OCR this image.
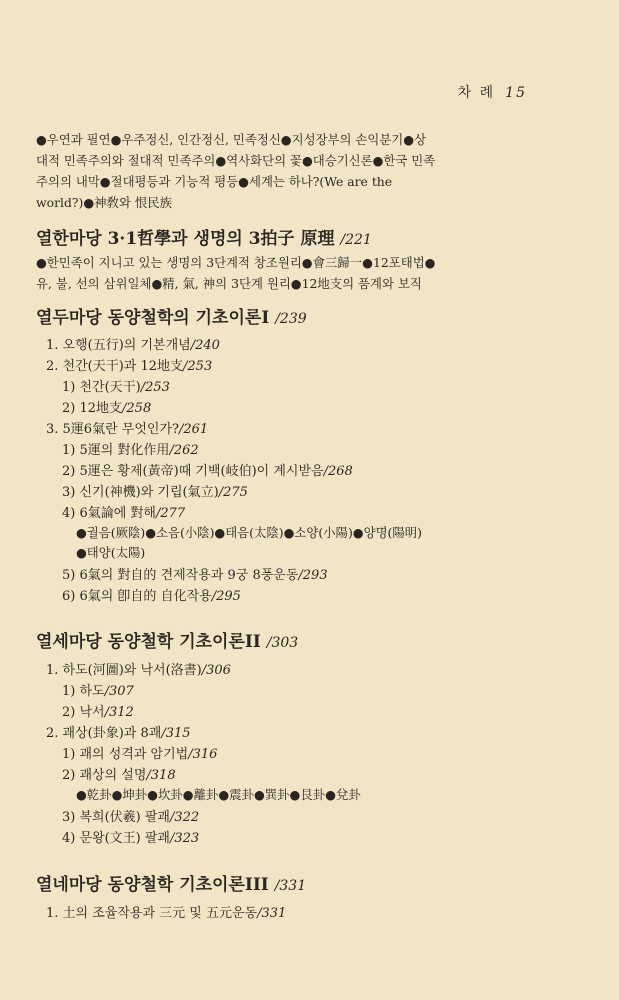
차 례 15
●우연과 필연●우주정신, 인간정신, 민족정신●지성장부의 손익분기●상
대적 민족주의와 절대적 민족주의●역사화단의 꽃●대승기신론●한국 민족
주의의 내막●절대평등과 기능적 평등●세계는 하나?(We are the
world?)●神敎와 恨民族
열한마당 3·1哲學과 생명의 3拍子 原理 /221
●한민족이 지니고 있는 생명의 3단계적 창조원리●會三歸一●12포태법●
유, 불, 선의 삼위일체●精, 氣, 神의 3단계 원리●12地支의 품계와 보직
열두마당 동양철학의 기초이론I /239
1. 오행(五行)의 기본개념/240
2. 천간(天干)과 12地支/253
1) 천간(天干)/253
2) 12地支/258
3. 5運6氣란 무엇인가?/261
1) 5運의 對化作用/262
2) 5運은 황제(黃帝)때 기백(岐伯)이 계시받음/268
3) 신기(神機)와 기립(氣立)/275
4) 6氣論에 對해/277
●궐음(厥陰)●소음(小陰)●태음(太陰)●소양(小陽)●양명(陽明)
●태양(太陽)
5) 6氣의 對自的 견제작용과 9궁 8풍운동/293
6) 6氣의 卽自的 自化작용/295
열세마당 동양철학 기초이론II /303
1. 하도(河圖)와 낙서(洛書)/306
1) 하도/307
2) 낙서/312
2. 괘상(卦象)과 8괘/315
1) 괘의 성격과 암기법/316
2) 괘상의 설명/318
●乾卦●坤卦●坎卦●離卦●震卦●巽卦●艮卦●兌卦
3) 복희(伏羲) 팔괘/322
4) 문왕(文王) 팔괘/323
열네마당 동양철학 기초이론III /331
1. 土의 조율작용과 三元 및 五元운동/331
